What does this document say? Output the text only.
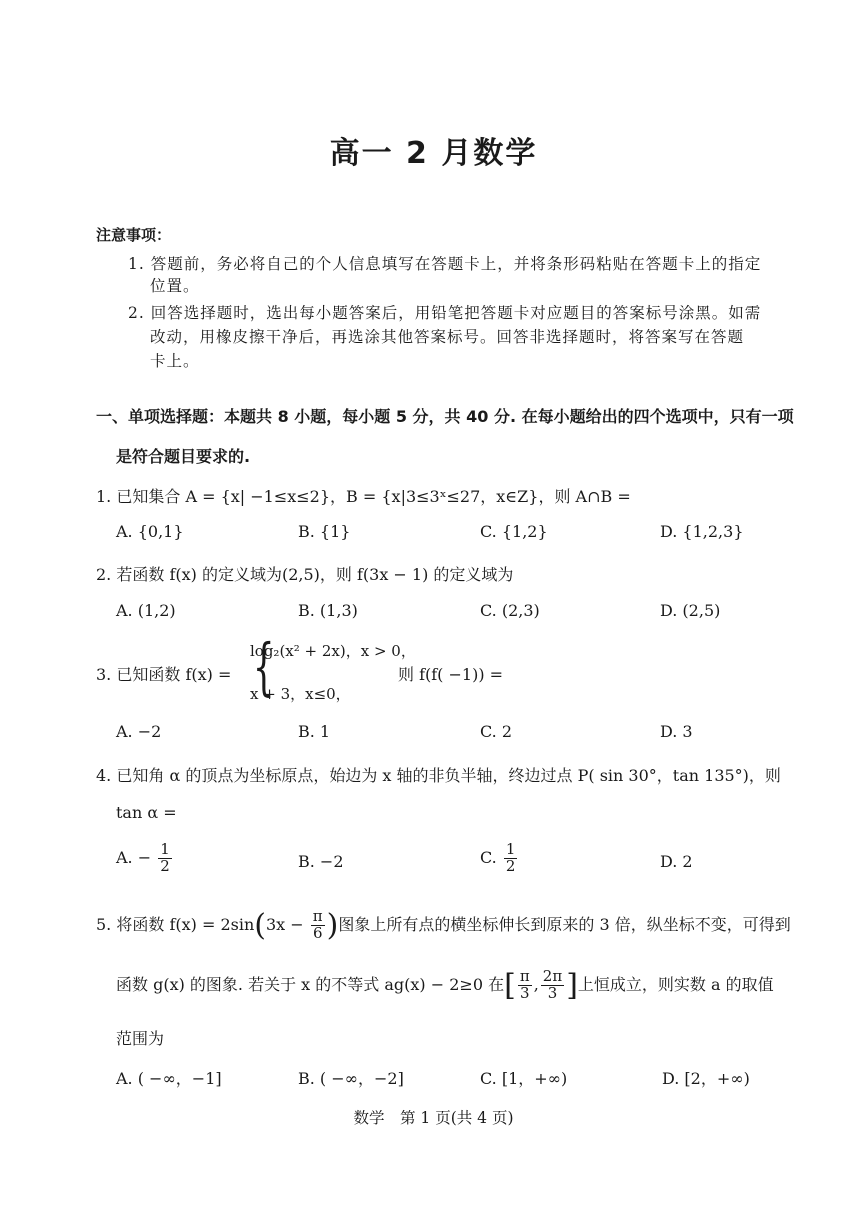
高一 2 月数学
注意事项：
1. 答题前，务必将自己的个人信息填写在答题卡上，并将条形码粘贴在答题卡上的指定
位置。
2. 回答选择题时，选出每小题答案后，用铅笔把答题卡对应题目的答案标号涂黑。如需
改动，用橡皮擦干净后，再选涂其他答案标号。回答非选择题时，将答案写在答题
卡上。
一、单项选择题：本题共 8 小题，每小题 5 分，共 40 分. 在每小题给出的四个选项中，只有一项
是符合题目要求的.
1. 已知集合 A = {x| −1≤x≤2}，B = {x|3≤3ˣ≤27，x∈Z}，则 A∩B =
A. {0,1}	B. {1}	C. {1,2}	D. {1,2,3}
2. 若函数 f(x) 的定义域为(2,5)，则 f(3x − 1) 的定义域为
A. (1,2)	B. (1,3)	C. (2,3)	D. (2,5)
3. 已知函数 f(x) = {
log₂(x² + 2x)，x > 0，
x + 3，x≤0，
则 f(f( −1)) =
A. −2	B. 1	C. 2	D. 3
4. 已知角 α 的顶点为坐标原点，始边为 x 轴的非负半轴，终边过点 P( sin 30°，tan 135°)，则
tan α =
A. − $\frac{1}{2}$	B. −2	C. $\frac{1}{2}$	D. 2
5. 将函数 $f(x) = 2\sin(3x - \frac{\pi}{6}$ )图象上所有点的横坐标伸长到原来的 3 倍，纵坐标不变，可得到
函数 g(x) 的图象. 若关于 x 的不等式 ag(x) − 2≥0 在[ $\frac{\pi}{3}$ , $\frac{2\pi}{3}$ ]上恒成立，则实数 a 的取值
范围为
A. ( −∞，−1]	B. ( −∞，−2]	C. [1，+∞)	D. [2，+∞)
数学　第 1 页(共 4 页)
